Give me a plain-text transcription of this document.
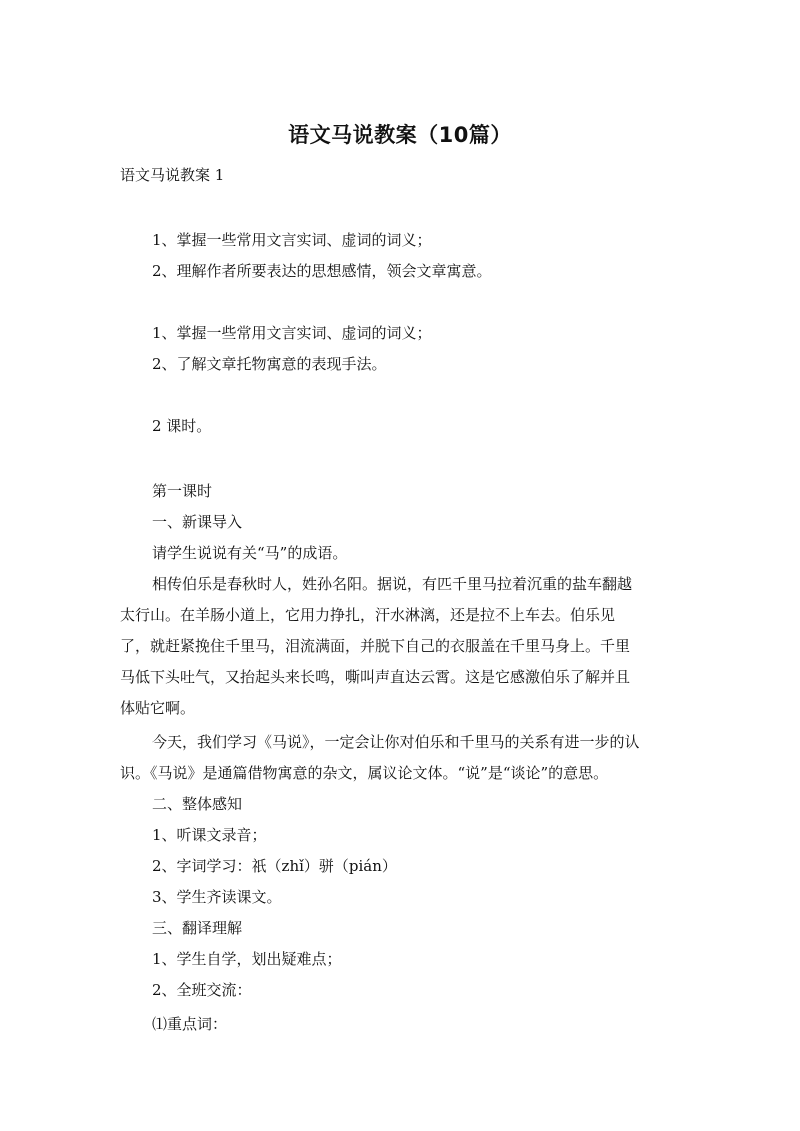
语文马说教案（10篇）
语文马说教案 1
1、掌握一些常用文言实词、虚词的词义；
2、理解作者所要表达的思想感情，领会文章寓意。
1、掌握一些常用文言实词、虚词的词义；
2、了解文章托物寓意的表现手法。
2 课时。
第一课时
一、新课导入
请学生说说有关“马”的成语。
相传伯乐是春秋时人，姓孙名阳。据说，有匹千里马拉着沉重的盐车翻越
太行山。在羊肠小道上，它用力挣扎，汗水淋漓，还是拉不上车去。伯乐见
了，就赶紧挽住千里马，泪流满面，并脱下自己的衣服盖在千里马身上。千里
马低下头吐气，又抬起头来长鸣，嘶叫声直达云霄。这是它感激伯乐了解并且
体贴它啊。
今天，我们学习《马说》，一定会让你对伯乐和千里马的关系有进一步的认
识。《马说》是通篇借物寓意的杂文，属议论文体。“说”是“谈论”的意思。
二、整体感知
1、听课文录音；
2、字词学习：祇（zhǐ）骈（pián）
3、学生齐读课文。
三、翻译理解
1、学生自学，划出疑难点；
2、全班交流：
⑴重点词：
